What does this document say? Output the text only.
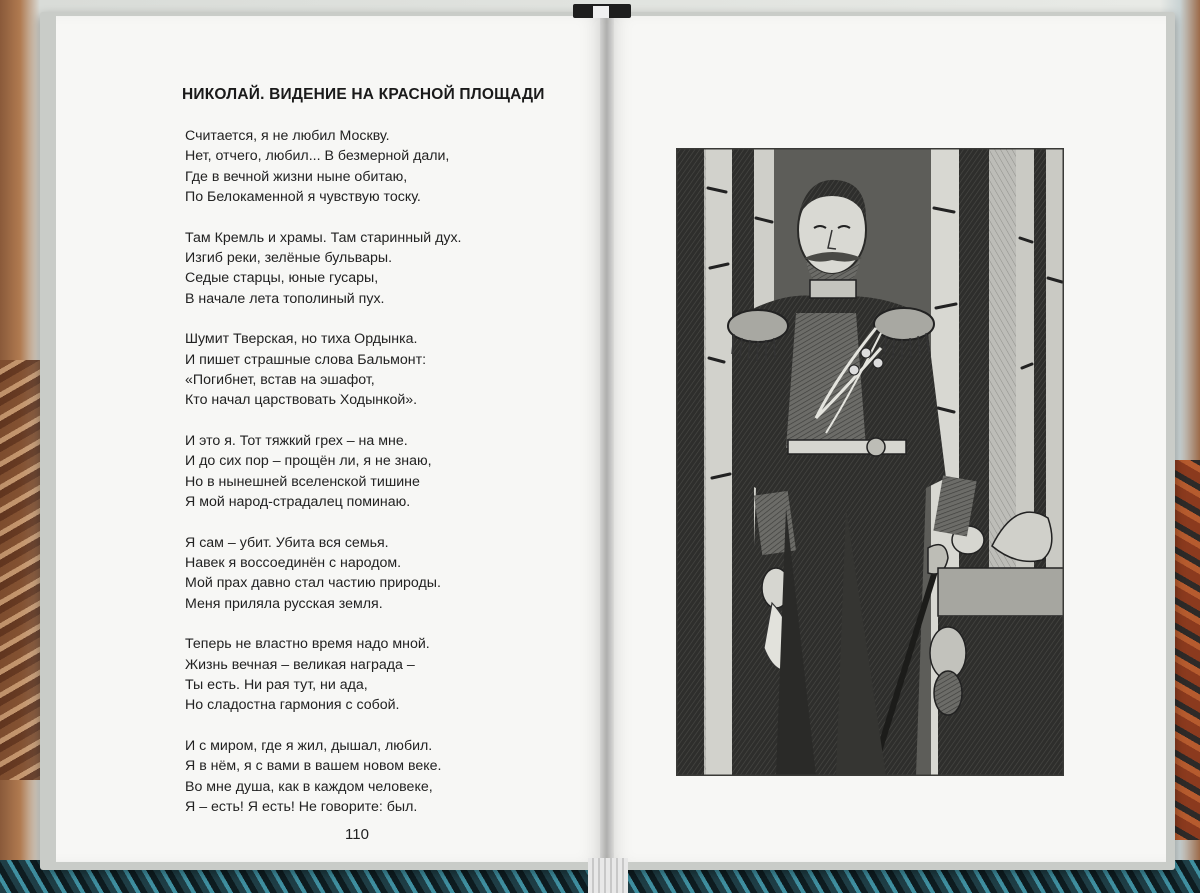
НИКОЛАЙ. ВИДЕНИЕ НА КРАСНОЙ ПЛОЩАДИ
Считается, я не любил Москву.
Нет, отчего, любил... В безмерной дали,
Где в вечной жизни ныне обитаю,
По Белокаменной я чувствую тоску.
Там Кремль и храмы. Там старинный дух.
Изгиб реки, зелёные бульвары.
Седые старцы, юные гусары,
В начале лета тополиный пух.
Шумит Тверская, но тиха Ордынка.
И пишет страшные слова Бальмонт:
«Погибнет, встав на эшафот,
Кто начал царствовать Ходынкой».
И это я. Тот тяжкий грех – на мне.
И до сих пор – прощён ли, я не знаю,
Но в нынешней вселенской тишине
Я мой народ-страдалец поминаю.
Я сам – убит. Убита вся семья.
Навек я воссоединён с народом.
Мой прах давно стал частию природы.
Меня приляла русская земля.
Теперь не властно время надо мной.
Жизнь вечная – великая награда –
Ты есть. Ни рая тут, ни ада,
Но сладостна гармония с собой.
И с миром, где я жил, дышал, любил.
Я в нём, я с вами в вашем новом веке.
Во мне душа, как в каждом человеке,
Я – есть! Я есть! Не говорите: был.
110
